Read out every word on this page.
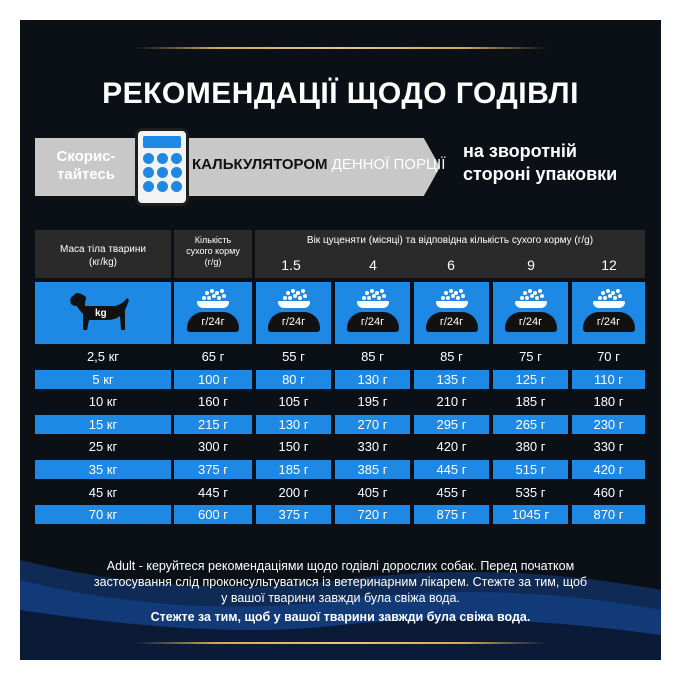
РЕКОМЕНДАЦІЇ ЩОДО ГОДІВЛІ
Скорис-
тайтесь
КАЛЬКУЛЯТОРОМ ДЕННОЇ ПОРЦІЇ
на зворотній
стороні упаковки
Маса тіла тварини
(кг/kg)
Кількість
сухого корму
(г/g)
Вік цуценяти (місяці) та відповідна кількість сухого корму (г/g)
1.5	4	6	9	12
kg
г/24г	г/24г	г/24г	г/24г	г/24г	г/24г
2,5 кг	65 г	55 г	85 г	85 г	75 г	70 г
5 кг	100 г	80 г	130 г	135 г	125 г	110 г
10 кг	160 г	105 г	195 г	210 г	185 г	180 г
15 кг	215 г	130 г	270 г	295 г	265 г	230 г
25 кг	300 г	150 г	330 г	420 г	380 г	330 г
35 кг	375 г	185 г	385 г	445 г	515 г	420 г
45 кг	445 г	200 г	405 г	455 г	535 г	460 г
70 кг	600 г	375 г	720 г	875 г	1045 г	870 г
Adult - керуйтеся рекомендаціями щодо годівлі дорослих собак. Перед початком
застосування слід проконсультуватися із ветеринарним лікарем. Стежте за тим, щоб
у вашої тварини завжди була свіжа вода.
Стежте за тим, щоб у вашої тварини завжди була свіжа вода.
